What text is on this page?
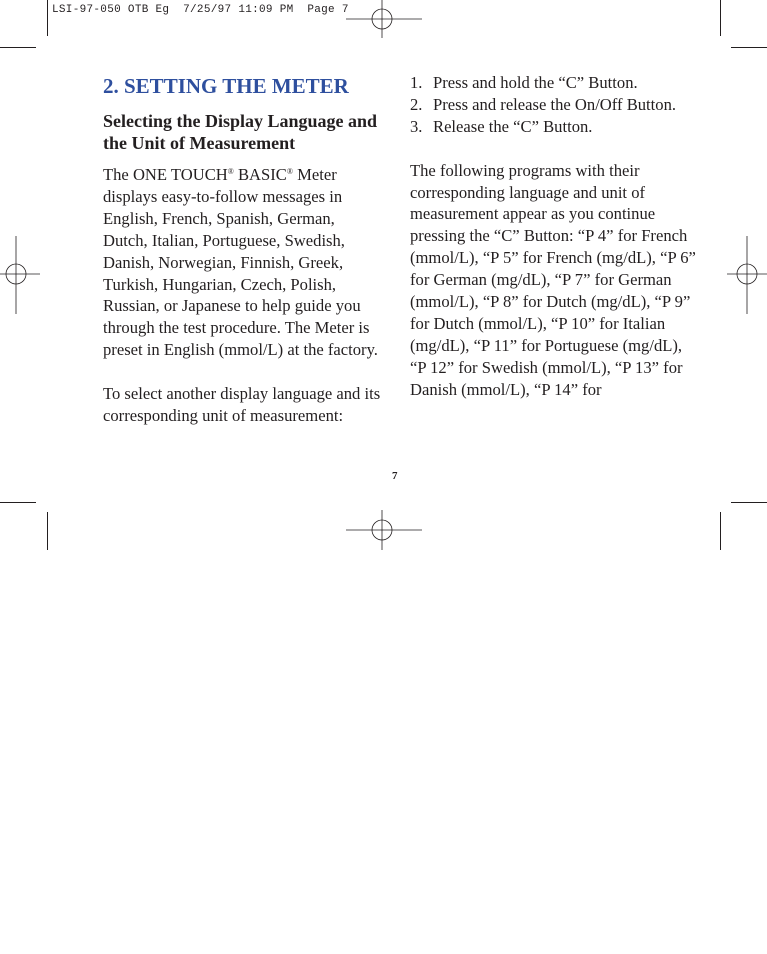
LSI-97-050 OTB Eg  7/25/97 11:09 PM  Page 7
2. SETTING THE METER
Selecting the Display Language and the Unit of Measurement

The ONE TOUCH® BASIC® Meter displays easy-to-follow messages in English, French, Spanish, German, Dutch, Italian, Portuguese, Swedish, Danish, Norwegian, Finnish, Greek, Turkish, Hungarian, Czech, Polish, Russian, or Japanese to help guide you through the test procedure. The Meter is preset in English (mmol/L) at the factory.

To select another display language and its corresponding unit of measurement:

1. Press and hold the “C” Button.
2. Press and release the On/Off Button.
3. Release the “C” Button.

The following programs with their corresponding language and unit of measurement appear as you continue pressing the “C” Button: “P 4” for French (mmol/L), “P 5” for French (mg/dL), “P 6” for German (mg/dL), “P 7” for German (mmol/L), “P 8” for Dutch (mg/dL), “P 9” for Dutch (mmol/L), “P 10” for Italian (mg/dL), “P 11” for Portuguese (mg/dL),

“P 12” for Swedish (mmol/L), “P 13” for Danish (mmol/L), “P 14” for

7
